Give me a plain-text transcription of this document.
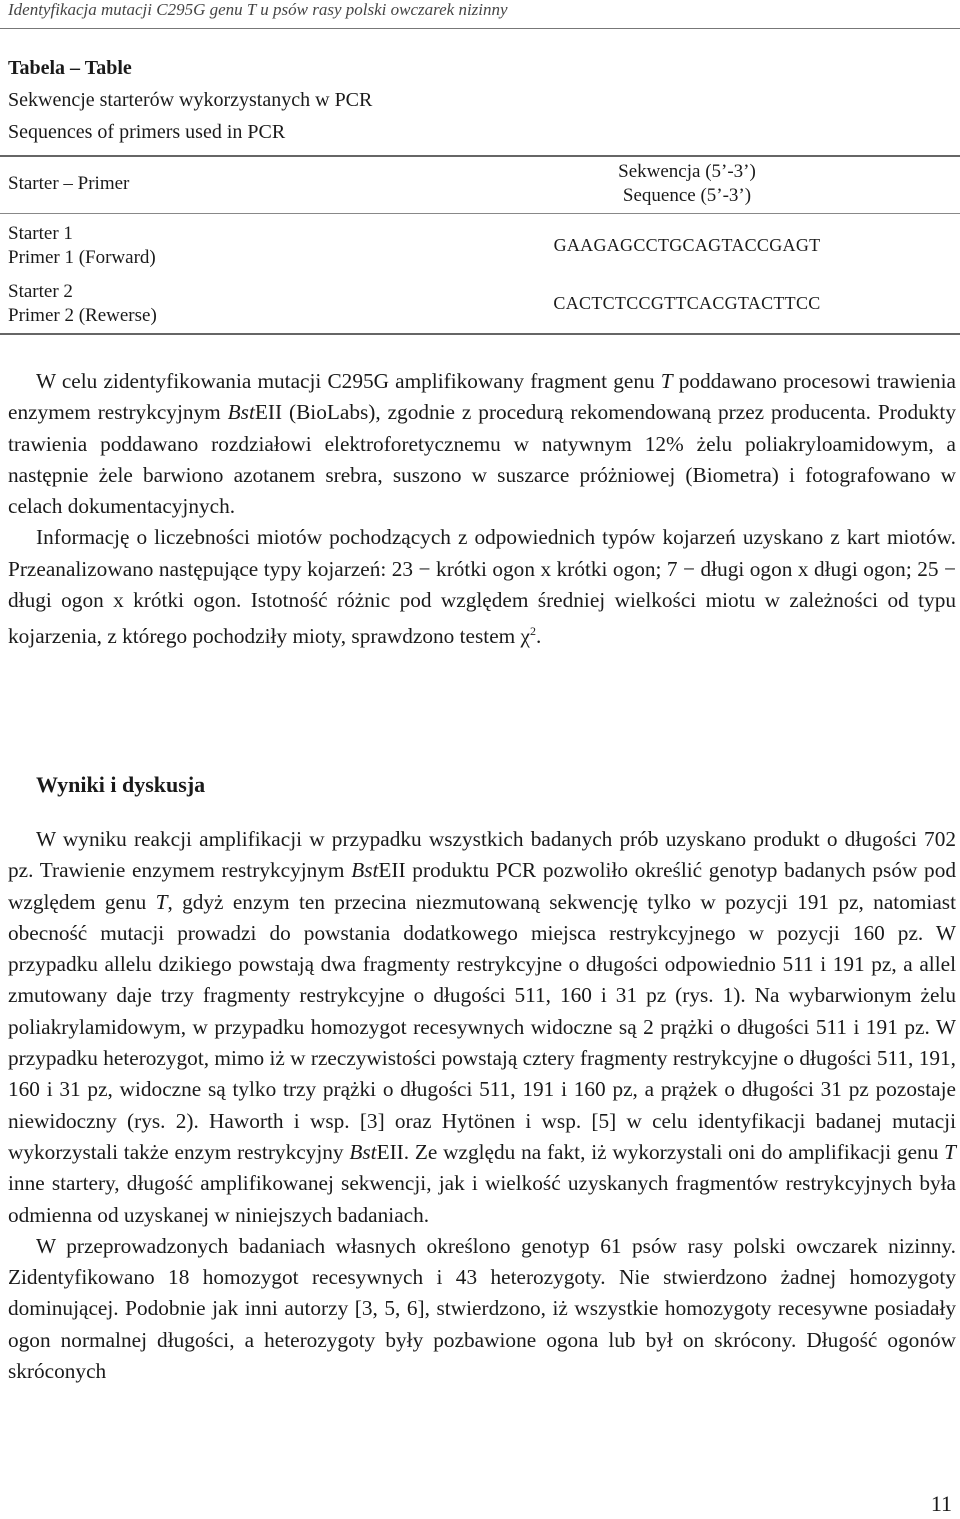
Identyfikacja mutacji C295G genu T u psów rasy polski owczarek nizinny
Tabela – Table
Sekwencje starterów wykorzystanych w PCR
Sequences of primers used in PCR
Starter – Primer
Sekwencja (5’-3’)
Sequence (5’-3’)
Starter 1
Primer 1 (Forward)
GAAGAGCCTGCAGTACCGAGT
Starter 2
Primer 2 (Rewerse)
CACTCTCCGTTCACGTACTTCC

W celu zidentyfikowania mutacji C295G amplifikowany fragment genu T poddawano procesowi trawienia enzymem restrykcyjnym BstEII (BioLabs), zgodnie z procedurą rekomendowaną przez producenta. Produkty trawienia poddawano rozdziałowi elektroforetycznemu w natywnym 12% żelu poliakryloamidowym, a następnie żele barwiono azotanem srebra, suszono w suszarce próżniowej (Biometra) i fotografowano w celach dokumentacyjnych.

Informację o liczebności miotów pochodzących z odpowiednich typów kojarzeń uzyskano z kart miotów. Przeanalizowano następujące typy kojarzeń: 23 − krótki ogon x krótki ogon; 7 − długi ogon x długi ogon; 25 − długi ogon x krótki ogon. Istotność różnic pod względem średniej wielkości miotu w zależności od typu kojarzenia, z którego pochodziły mioty, sprawdzono testem $\chi^2$.

Wyniki i dyskusja

W wyniku reakcji amplifikacji w przypadku wszystkich badanych prób uzyskano produkt o długości 702 pz. Trawienie enzymem restrykcyjnym BstEII produktu PCR pozwoliło określić genotyp badanych psów pod względem genu T, gdyż enzym ten przecina niezmutowaną sekwencję tylko w pozycji 191 pz, natomiast obecność mutacji prowadzi do powstania dodatkowego miejsca restrykcyjnego w pozycji 160 pz. W przypadku allelu dzikiego powstają dwa fragmenty restrykcyjne o długości odpowiednio 511 i 191 pz, a allel zmutowany daje trzy fragmenty restrykcyjne o długości 511, 160 i 31 pz (rys. 1). Na wybarwionym żelu poliakrylamidowym, w przypadku homozygot recesywnych widoczne są 2 prążki o długości 511 i 191 pz. W przypadku heterozygot, mimo iż w rzeczywistości powstają cztery fragmenty restrykcyjne o długości 511, 191, 160 i 31 pz, widoczne są tylko trzy prążki o długości 511, 191 i 160 pz, a prążek o długości 31 pz pozostaje niewidoczny (rys. 2). Haworth i wsp. [3] oraz Hytönen i wsp. [5] w celu identyfikacji badanej mutacji wykorzystali także enzym restrykcyjny BstEII. Ze względu na fakt, iż wykorzystali oni do amplifikacji genu T inne startery, długość amplifikowanej sekwencji, jak i wielkość uzyskanych fragmentów restrykcyjnych była odmienna od uzyskanej w niniejszych badaniach.

W przeprowadzonych badaniach własnych określono genotyp 61 psów rasy polski owczarek nizinny. Zidentyfikowano 18 homozygot recesywnych i 43 heterozygoty. Nie stwierdzono żadnej homozygoty dominującej. Podobnie jak inni autorzy [3, 5, 6], stwierdzono, iż wszystkie homozygoty recesywne posiadały ogon normalnej długości, a heterozygoty były pozbawione ogona lub był on skrócony. Długość ogonów skróconych

11
